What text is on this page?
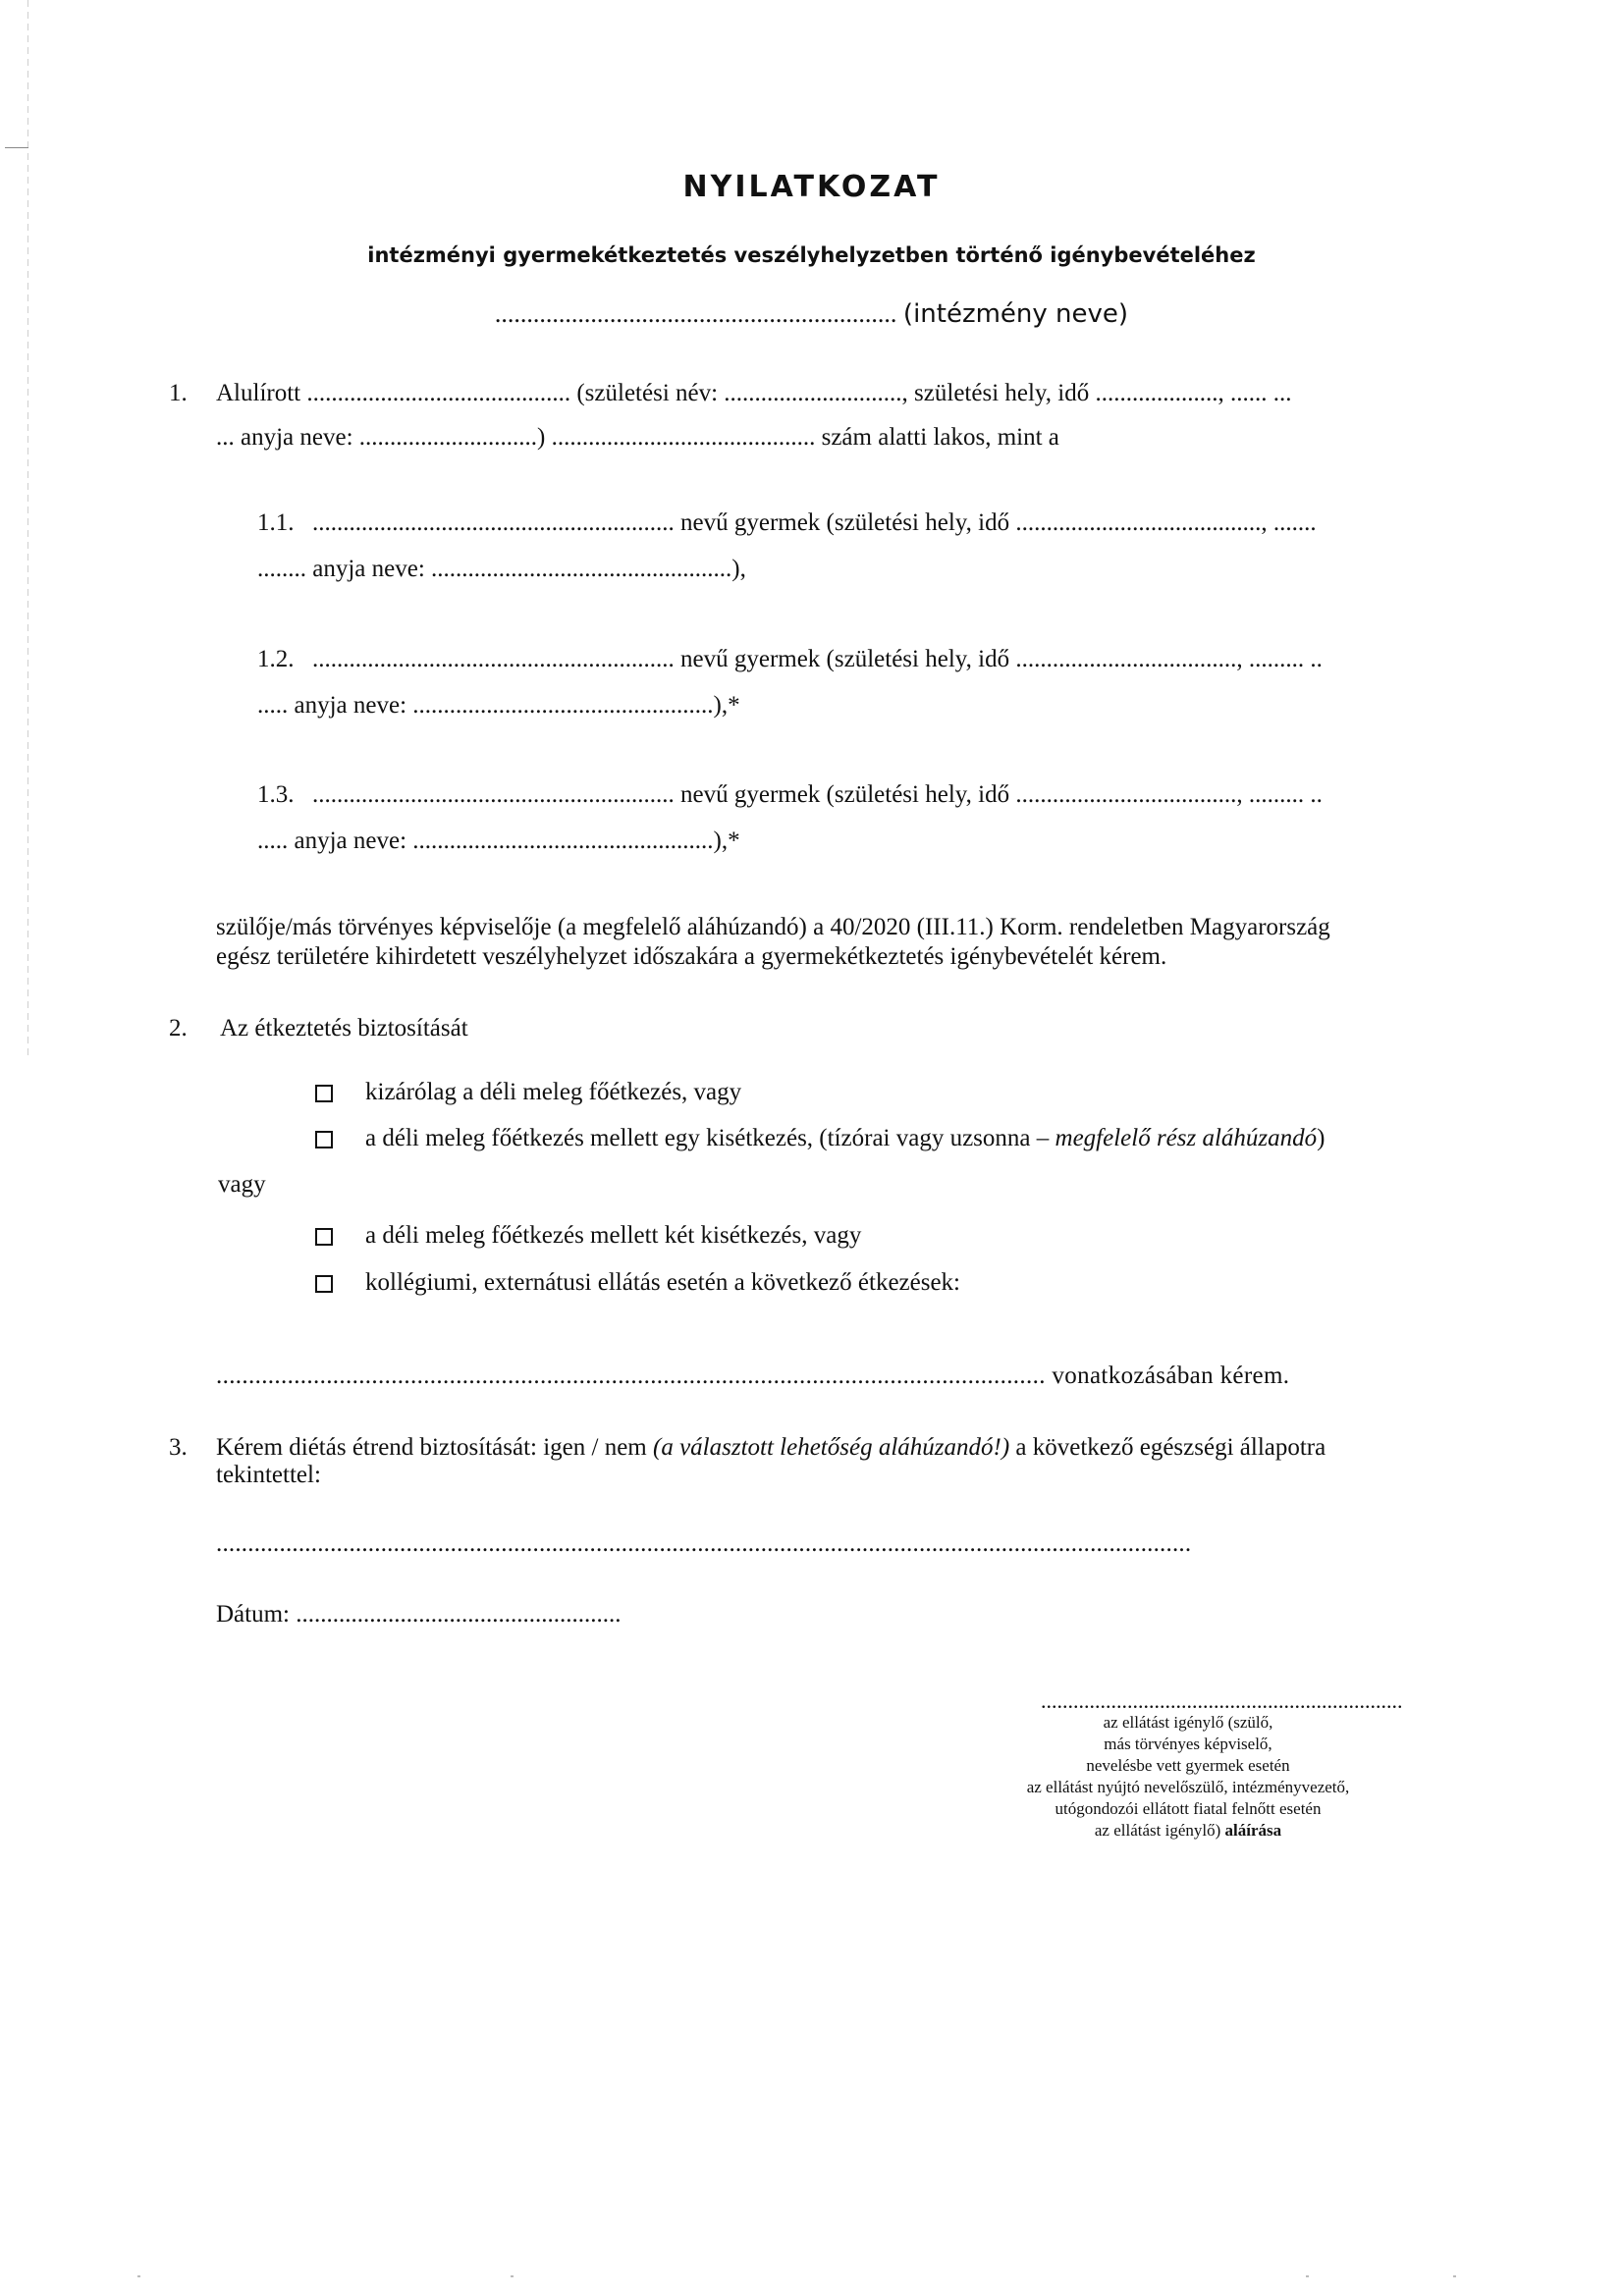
NYILATKOZAT
intézményi gyermekétkeztetés veszélyhelyzetben történő igénybevételéhez
............................................................... (intézmény neve)
1. Alulírott ........................................... (születési név: ............................., születési hely, idő ...................., ...... ...
... anyja neve: .............................) ........................................... szám alatti lakos, mint a
1.1. ........................................................... nevű gyermek (születési hely, idő ........................................, .......
........ anyja neve: .................................................),
1.2. ........................................................... nevű gyermek (születési hely, idő ...................................., ......... ..
..... anyja neve: .................................................),*
1.3. ........................................................... nevű gyermek (születési hely, idő ...................................., ......... ..
..... anyja neve: .................................................),*
szülője/más törvényes képviselője (a megfelelő aláhúzandó) a 40/2020 (III.11.) Korm. rendeletben Magyarország
egész területére kihirdetett veszélyhelyzet időszakára a gyermekétkeztetés igénybevételét kérem.
2. Az étkeztetés biztosítását
kizárólag a déli meleg főétkezés, vagy
a déli meleg főétkezés mellett egy kisétkezés, (tízórai vagy uzsonna – megfelelő rész aláhúzandó)
vagy
a déli meleg főétkezés mellett két kisétkezés, vagy
kollégiumi, externátusi ellátás esetén a következő étkezések:
................................................................................................................................ vonatkozásában kérem.
3. Kérem diétás étrend biztosítását: igen / nem (a választott lehetőség aláhúzandó!) a következő egészségi állapotra
tekintettel:
..........................................................................................................................................................
Dátum: .....................................................
...................................................................
az ellátást igénylő (szülő,
más törvényes képviselő,
nevelésbe vett gyermek esetén
az ellátást nyújtó nevelőszülő, intézményvezető,
utógondozói ellátott fiatal felnőtt esetén
az ellátást igénylő) aláírása
